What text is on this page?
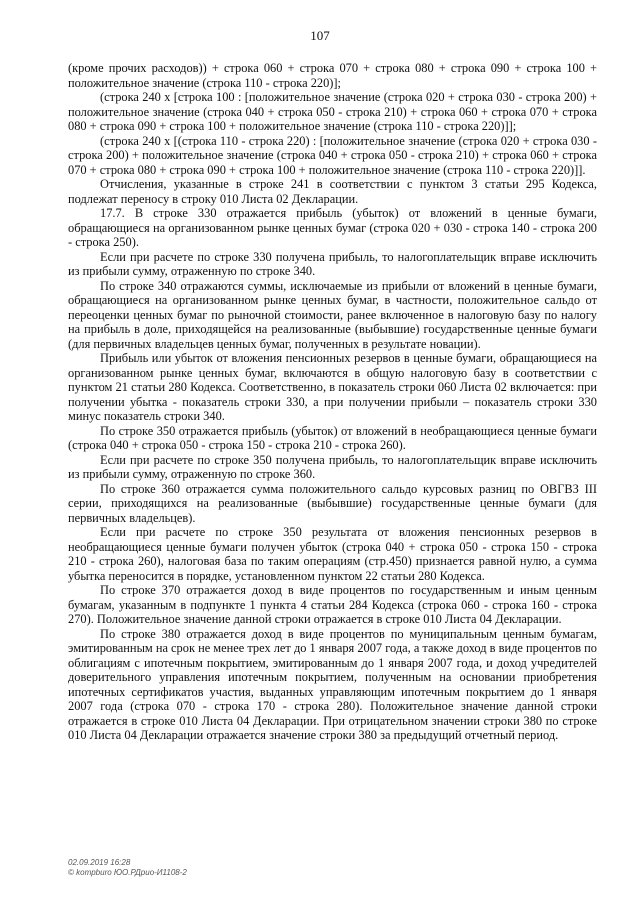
107

(кроме прочих расходов)) + строка 060 + строка 070 + строка 080 + строка 090 + строка 100 + положительное значение (строка 110 - строка 220)];

(строка 240 x [строка 100 : [положительное значение (строка 020 + строка 030 - строка 200) + положительное значение (строка 040 + строка 050 - строка 210) + строка 060 + строка 070 + строка 080 + строка 090 + строка 100 + положительное значение (строка 110 - строка 220)]];

(строка 240 x [(строка 110 - строка 220) : [положительное значение (строка 020 + строка 030 - строка 200) + положительное значение (строка 040 + строка 050 - строка 210) + строка 060 + строка 070 + строка 080 + строка 090 + строка 100 + положительное значение (строка 110 - строка 220)]].

Отчисления, указанные в строке 241 в соответствии с пунктом 3 статьи 295 Кодекса, подлежат переносу в строку 010 Листа 02 Декларации.

17.7. В строке 330 отражается прибыль (убыток) от вложений в ценные бумаги, обращающиеся на организованном рынке ценных бумаг (строка 020 + 030 - строка 140 - строка 200 - строка 250).

Если при расчете по строке 330 получена прибыль, то налогоплательщик вправе исключить из прибыли сумму, отраженную по строке 340.

По строке 340 отражаются суммы, исключаемые из прибыли от вложений в ценные бумаги, обращающиеся на организованном рынке ценных бумаг, в частности, положительное сальдо от переоценки ценных бумаг по рыночной стоимости, ранее включенное в налоговую базу по налогу на прибыль в доле, приходящейся на реализованные (выбывшие) государственные ценные бумаги (для первичных владельцев ценных бумаг, полученных в результате новации).

Прибыль или убыток от вложения пенсионных резервов в ценные бумаги, обращающиеся на организованном рынке ценных бумаг, включаются в общую налоговую базу в соответствии с пунктом 21 статьи 280 Кодекса. Соответственно, в показатель строки 060 Листа 02 включается: при получении убытка - показатель строки 330, а при получении прибыли – показатель строки 330 минус показатель строки 340.

По строке 350 отражается прибыль (убыток) от вложений в необращающиеся ценные бумаги (строка 040 + строка 050 - строка 150 - строка 210 - строка 260).

Если при расчете по строке 350 получена прибыль, то налогоплательщик вправе исключить из прибыли сумму, отраженную по строке 360.

По строке 360 отражается сумма положительного сальдо курсовых разниц по ОВГВЗ III серии, приходящихся на реализованные (выбывшие) государственные ценные бумаги (для первичных владельцев).

Если при расчете по строке 350 результата от вложения пенсионных резервов в необращающиеся ценные бумаги получен убыток (строка 040 + строка 050 - строка 150 - строка 210 - строка 260), налоговая база по таким операциям (стр.450) признается равной нулю, а сумма убытка переносится в порядке, установленном пунктом 22 статьи 280 Кодекса.

По строке 370 отражается доход в виде процентов по государственным и иным ценным бумагам, указанным в подпункте 1 пункта 4 статьи 284 Кодекса (строка 060 - строка 160 - строка 270). Положительное значение данной строки отражается в строке 010 Листа 04 Декларации.

По строке 380 отражается доход в виде процентов по муниципальным ценным бумагам, эмитированным на срок не менее трех лет до 1 января 2007 года, а также доход в виде процентов по облигациям с ипотечным покрытием, эмитированным до 1 января 2007 года, и доход учредителей доверительного управления ипотечным покрытием, полученным на основании приобретения ипотечных сертификатов участия, выданных управляющим ипотечным покрытием до 1 января 2007 года (строка 070 - строка 170 - строка 280). Положительное значение данной строки отражается в строке 010 Листа 04 Декларации. При отрицательном значении строки 380 по строке 010 Листа 04 Декларации отражается значение строки 380 за предыдущий отчетный период.

02.09.2019 16:28
© kompburo ЮО.РДрио-И1108-2
